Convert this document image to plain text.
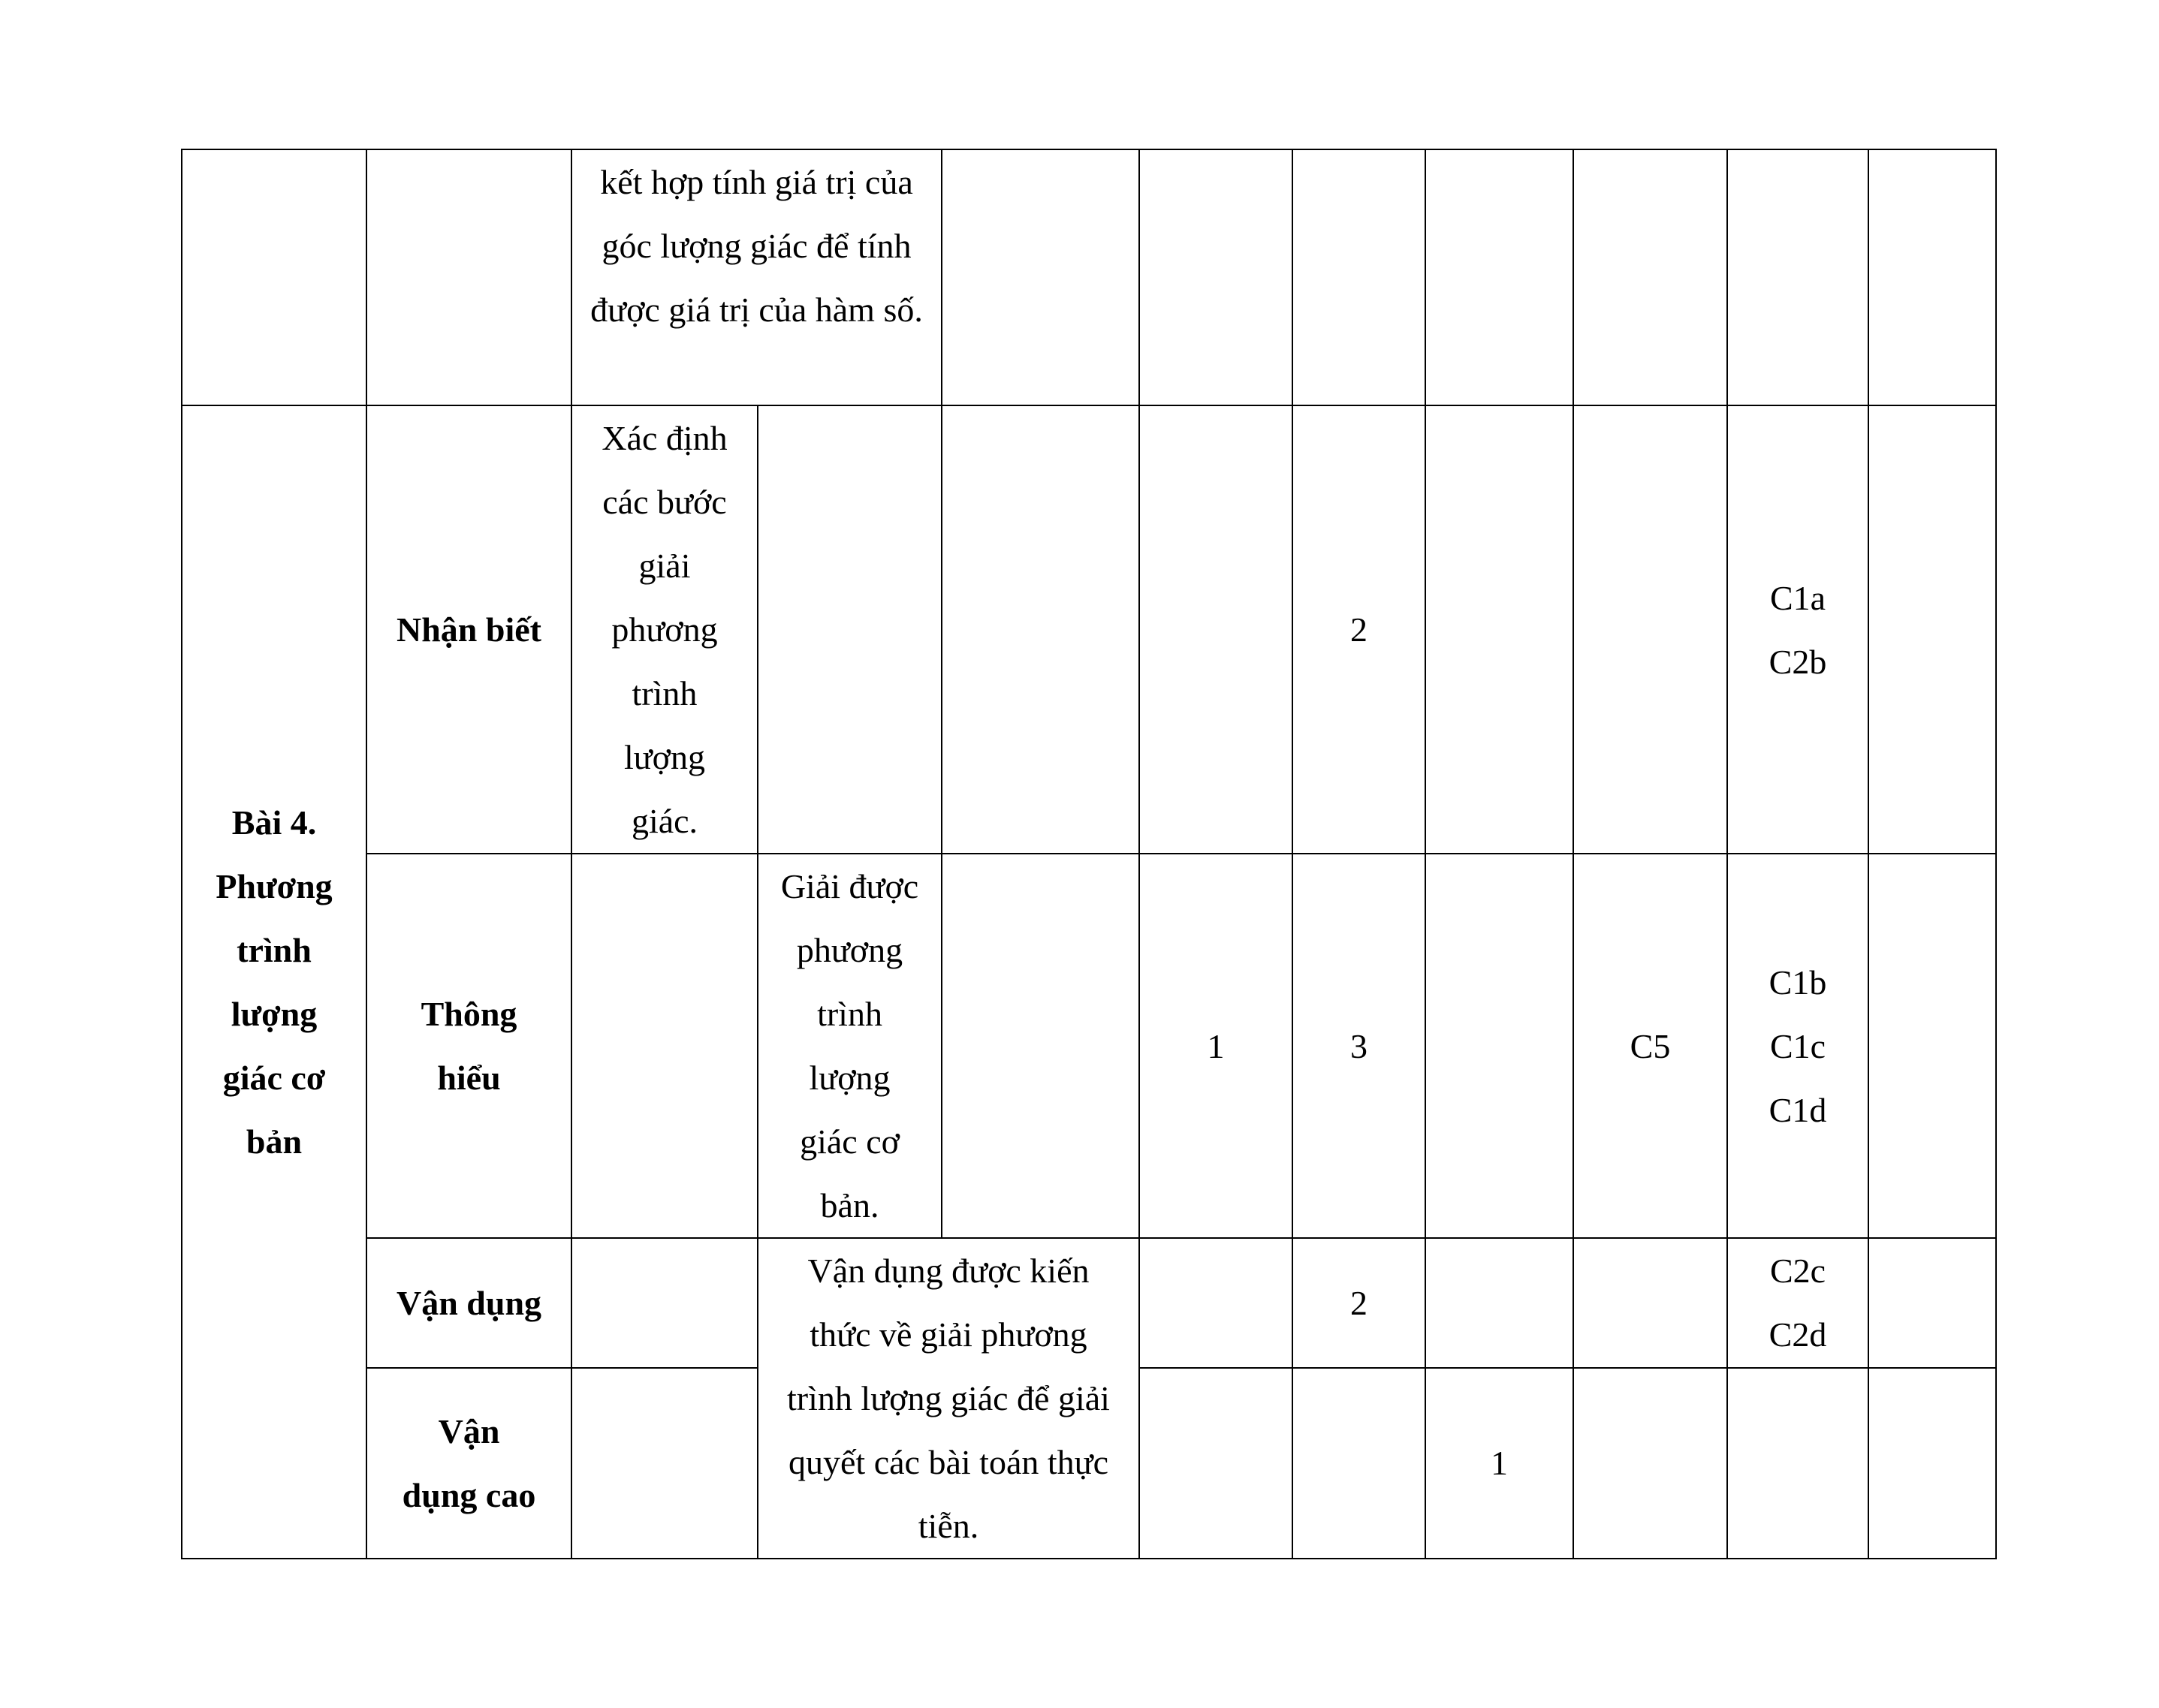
		kết hợp tính giá trị của góc lượng giác để tính được giá trị của hàm số.									
Bài 4. Phương trình lượng giác cơ bản	Nhận biết	Xác định các bước giải phương trình lượng giác.				2			C1a
C2b		

	Thông hiểu		Giải được phương trình lượng giác cơ bản.		1	3		C5	C1b
C1c
C1d		

	Vận dụng		Vận dụng được kiến thức về giải phương trình lượng giác để giải quyết các bài toán thực tiễn.			2			C2c
C2d		

	Vận dụng cao						1				
